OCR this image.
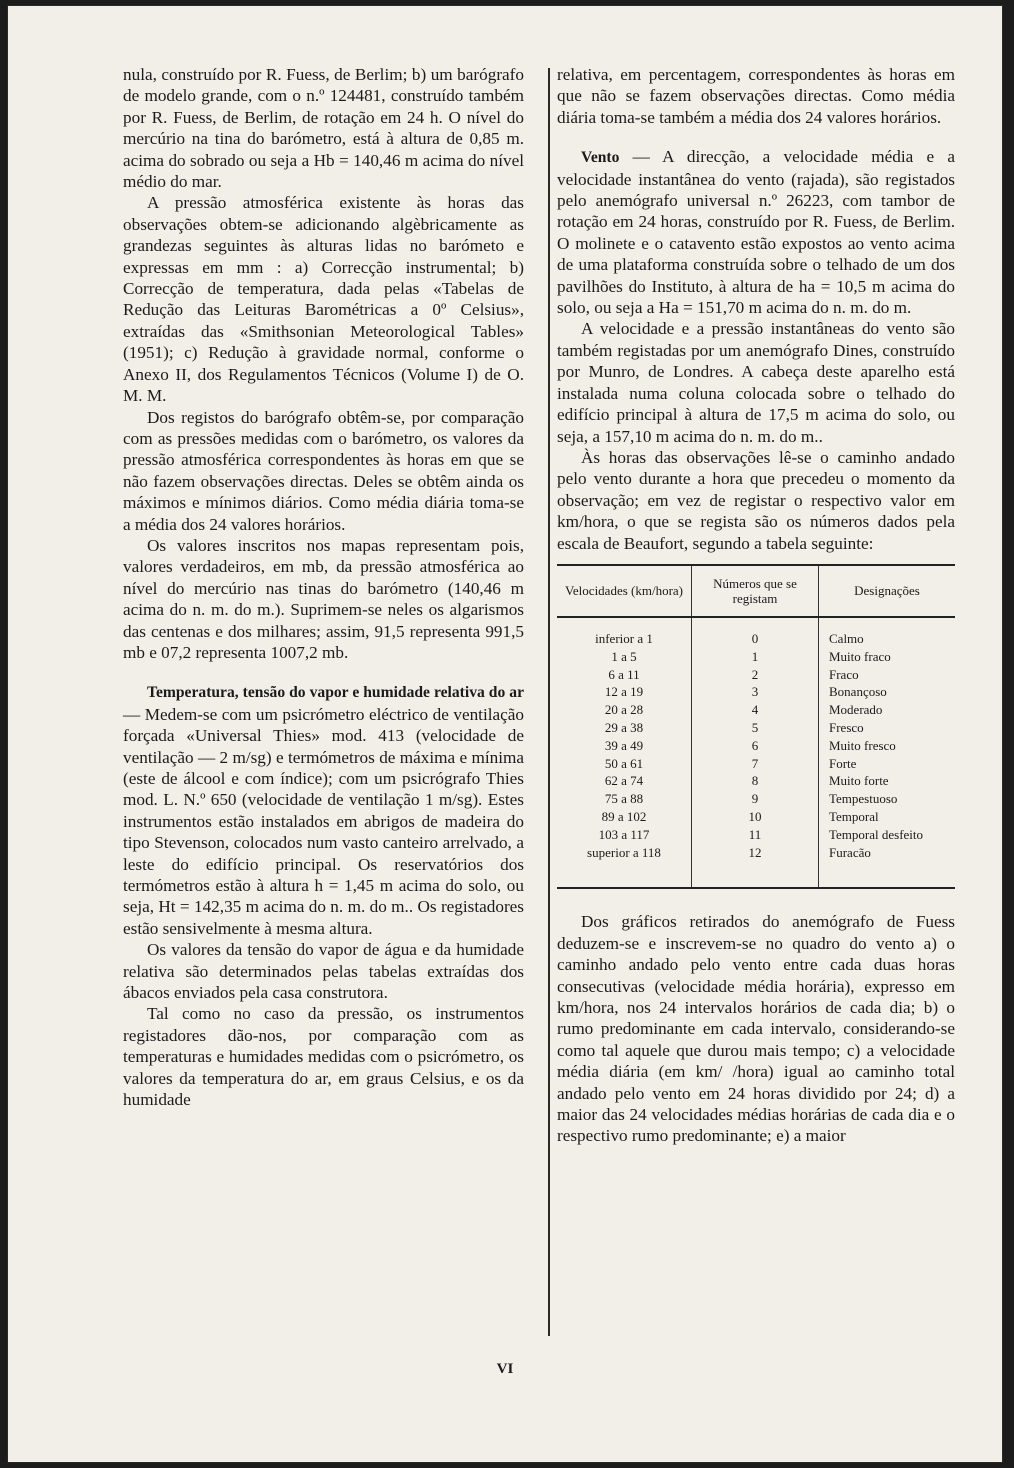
nula, construído por R. Fuess, de Berlim; b) um barógrafo de modelo grande, com o n.º 124481, construído também por R. Fuess, de Berlim, de rotação em 24 h. O nível do mercúrio na tina do barómetro, está à altura de 0,85 m. acima do sobrado ou seja a Hb = 140,46 m acima do nível médio do mar.

A pressão atmosférica existente às horas das observações obtem-se adicionando algèbricamente as grandezas seguintes às alturas lidas no barómeto e expressas em mm : a) Correcção instrumental; b) Correcção de temperatura, dada pelas «Tabelas de Redução das Leituras Barométricas a 0º Celsius», extraídas das «Smithsonian Meteorological Tables» (1951); c) Redução à gravidade normal, conforme o Anexo II, dos Regulamentos Técnicos (Volume I) de O. M. M.

Dos registos do barógrafo obtêm-se, por comparação com as pressões medidas com o barómetro, os valores da pressão atmosférica correspondentes às horas em que se não fazem observações directas. Deles se obtêm ainda os máximos e mínimos diários. Como média diária toma-se a média dos 24 valores horários.

Os valores inscritos nos mapas representam pois, valores verdadeiros, em mb, da pressão atmosférica ao nível do mercúrio nas tinas do barómetro (140,46 m acima do n. m. do m.). Suprimem-se neles os algarismos das centenas e dos milhares; assim, 91,5 representa 991,5 mb e 07,2 representa 1007,2 mb.

Temperatura, tensão do vapor e humidade relativa do ar — Medem-se com um psicrómetro eléctrico de ventilação forçada «Universal Thies» mod. 413 (velocidade de ventilação — 2 m/sg) e termómetros de máxima e mínima (este de álcool e com índice); com um psicrógrafo Thies mod. L. N.º 650 (velocidade de ventilação 1 m/sg). Estes instrumentos estão instalados em abrigos de madeira do tipo Stevenson, colocados num vasto canteiro arrelvado, a leste do edifício principal. Os reservatórios dos termómetros estão à altura h = 1,45 m acima do solo, ou seja, Ht = 142,35 m acima do n. m. do m.. Os registadores estão sensivelmente à mesma altura.

Os valores da tensão do vapor de água e da humidade relativa são determinados pelas tabelas extraídas dos ábacos enviados pela casa construtora.

Tal como no caso da pressão, os instrumentos registadores dão-nos, por comparação com as temperaturas e humidades medidas com o psicrómetro, os valores da temperatura do ar, em graus Celsius, e os da humidade

relativa, em percentagem, correspondentes às horas em que não se fazem observações directas. Como média diária toma-se também a média dos 24 valores horários.

Vento — A direcção, a velocidade média e a velocidade instantânea do vento (rajada), são registados pelo anemógrafo universal n.º 26223, com tambor de rotação em 24 horas, construído por R. Fuess, de Berlim. O molinete e o catavento estão expostos ao vento acima de uma plataforma construída sobre o telhado de um dos pavilhões do Instituto, à altura de ha = 10,5 m acima do solo, ou seja a Ha = 151,70 m acima do n. m. do m.

A velocidade e a pressão instantâneas do vento são também registadas por um anemógrafo Dines, construído por Munro, de Londres. A cabeça deste aparelho está instalada numa coluna colocada sobre o telhado do edifício principal à altura de 17,5 m acima do solo, ou seja, a 157,10 m acima do n. m. do m..

Às horas das observações lê-se o caminho andado pelo vento durante a hora que precedeu o momento da observação; em vez de registar o respectivo valor em km/hora, o que se regista são os números dados pela escala de Beaufort, segundo a tabela seguinte:

Velocidades (km/hora)	Números que se registam	Designações
inferior a 1	0	Calmo
1 a 5	1	Muito fraco
6 a 11	2	Fraco
12 a 19	3	Bonançoso
20 a 28	4	Moderado
29 a 38	5	Fresco
39 a 49	6	Muito fresco
50 a 61	7	Forte
62 a 74	8	Muito forte
75 a 88	9	Tempestuoso
89 a 102	10	Temporal
103 a 117	11	Temporal desfeito
superior a 118	12	Furacão

Dos gráficos retirados do anemógrafo de Fuess deduzem-se e inscrevem-se no quadro do vento a) o caminho andado pelo vento entre cada duas horas consecutivas (velocidade média horária), expresso em km/hora, nos 24 intervalos horários de cada dia; b) o rumo predominante em cada intervalo, considerando-se como tal aquele que durou mais tempo; c) a velocidade média diária (em km/ /hora) igual ao caminho total andado pelo vento em 24 horas dividido por 24; d) a maior das 24 velocidades médias horárias de cada dia e o respectivo rumo predominante; e) a maior

VI
